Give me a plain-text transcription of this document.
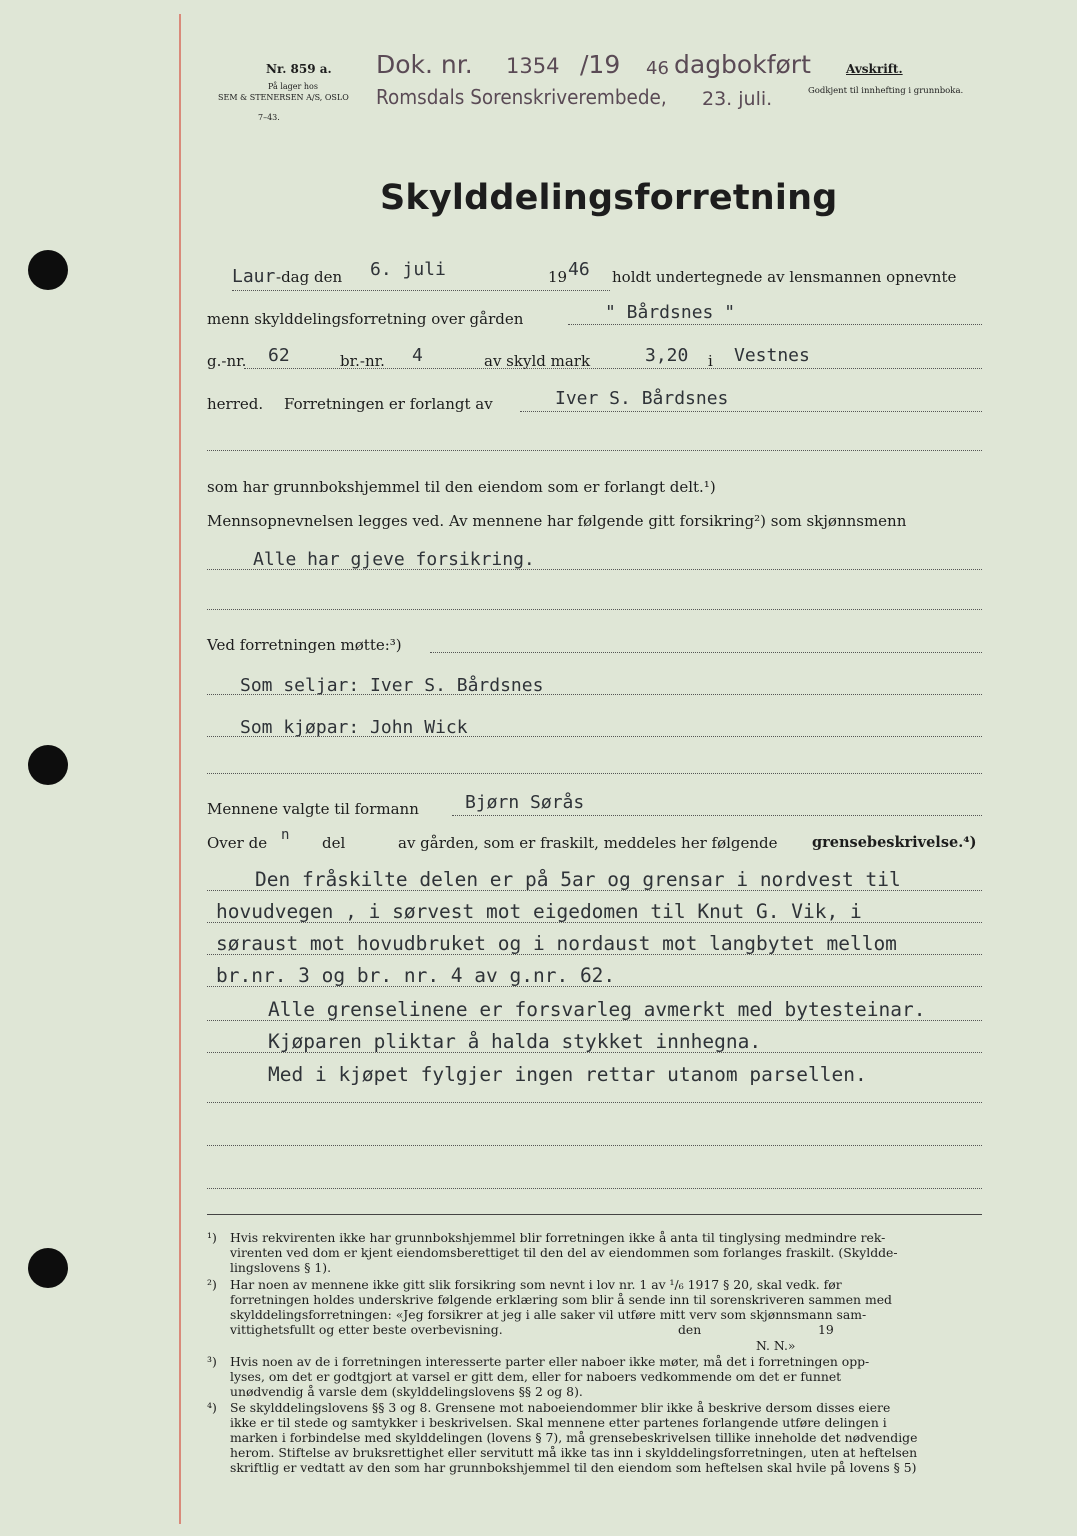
Nr. 859 a.
På lager hos
SEM & STENERSEN A/S, OSLO
7–43.
Dok. nr. 1354 /19 46 dagbokført
Romsdals Sorenskriverembede, 23. juli.
Avskrift.
Godkjent til innhefting i grunnboka.
Skylddelingsforretning
Laur -dag den 6. juli	19 46 holdt undertegnede av lensmannen opnevnte
menn skylddelingsforretning over gården	" Bårdsnes "
g.-nr. 62	br.-nr. 4	av skyld mark	3,20 i Vestnes
herred. Forretningen er forlangt av	Iver S. Bårdsnes
som har grunnbokshjemmel til den eiendom som er forlangt delt.¹)
Mennsopnevnelsen legges ved. Av mennene har følgende gitt forsikring²) som skjønnsmenn
Alle har gjeve forsikring.
Ved forretningen møtte:³)
Som seljar: Iver S. Bårdsnes
Som kjøpar: John Wick
Mennene valgte til formann	Bjørn Sørås
Over de n del	av gården, som er fraskilt, meddeles her følgende grensebeskrivelse.⁴)
Den fråskilte delen er på 5ar og grensar i nordvest til
hovudvegen , i sørvest mot eigedomen til Knut G. Vik, i
søraust mot hovudbruket og i nordaust mot langbytet mellom
br.nr. 3 og br. nr. 4 av g.nr. 62.
Alle grenselinene er forsvarleg avmerkt med bytesteinar.
Kjøparen pliktar å halda stykket innhegna.
Med i kjøpet fylgjer ingen rettar utanom parsellen.
¹) Hvis rekvirenten ikke har grunnbokshjemmel blir forretningen ikke å anta til tinglysing medmindre rek-
virenten ved dom er kjent eiendomsberettiget til den del av eiendommen som forlanges fraskilt. (Skyldde-
lingslovens § 1).
²) Har noen av mennene ikke gitt slik forsikring som nevnt i lov nr. 1 av ¹/₆ 1917 § 20, skal vedk. før
forretningen holdes underskrive følgende erklæring som blir å sende inn til sorenskriveren sammen med
skylddelingsforretningen: «Jeg forsikrer at jeg i alle saker vil utføre mitt verv som skjønnsmann sam-
vittighetsfullt og etter beste overbevisning.	den	19
N. N.»
³) Hvis noen av de i forretningen interesserte parter eller naboer ikke møter, må det i forretningen opp-
lyses, om det er godtgjort at varsel er gitt dem, eller for naboers vedkommende om det er funnet
unødvendig å varsle dem (skylddelingslovens §§ 2 og 8).
⁴) Se skylddelingslovens §§ 3 og 8. Grensene mot naboeiendommer blir ikke å beskrive dersom disses eiere
ikke er til stede og samtykker i beskrivelsen. Skal mennene etter partenes forlangende utføre delingen i
marken i forbindelse med skylddelingen (lovens § 7), må grensebeskrivelsen tillike inneholde det nødvendige
herom. Stiftelse av bruksrettighet eller servitutt må ikke tas inn i skylddelingsforretningen, uten at heftelsen
skriftlig er vedtatt av den som har grunnbokshjemmel til den eiendom som heftelsen skal hvile på lovens § 5)
